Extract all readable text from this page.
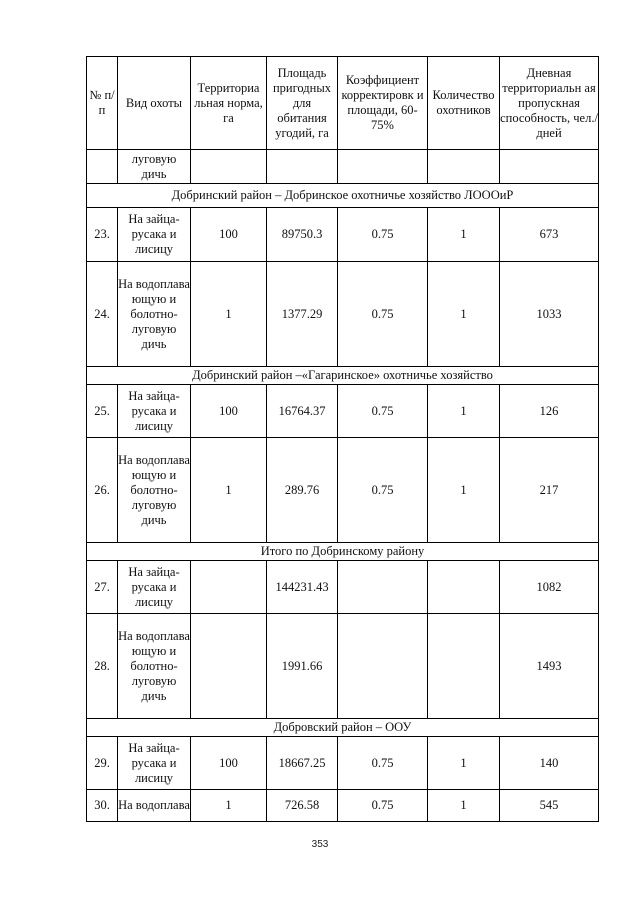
№ п/п	Вид охоты	Территориа льная норма, га	Площадь пригодных для обитания угодий, га	Коэффициент корректировк и площади, 60-75%	Количество охотников	Дневная территориальн ая пропускная способность, чел./дней
	луговую дичь					
Добринский район – Добринское охотничье хозяйство ЛОООиР						
23.	На зайца-русака и лисицу	100	89750.3	0.75	1	673
24.	На водоплава ющую и болотно-луговую дичь	1	1377.29	0.75	1	1033
Добринский район –«Гагаринское» охотничье хозяйство						
25.	На зайца-русака и лисицу	100	16764.37	0.75	1	126
26.	На водоплава ющую и болотно-луговую дичь	1	289.76	0.75	1	217
Итого по Добринскому району						
27.	На зайца-русака и лисицу		144231.43			1082
28.	На водоплава ющую и болотно-луговую дичь		1991.66			1493
Добровский район – ООУ						
29.	На зайца-русака и лисицу	100	18667.25	0.75	1	140
30.	На водоплава	1	726.58	0.75	1	545
353
